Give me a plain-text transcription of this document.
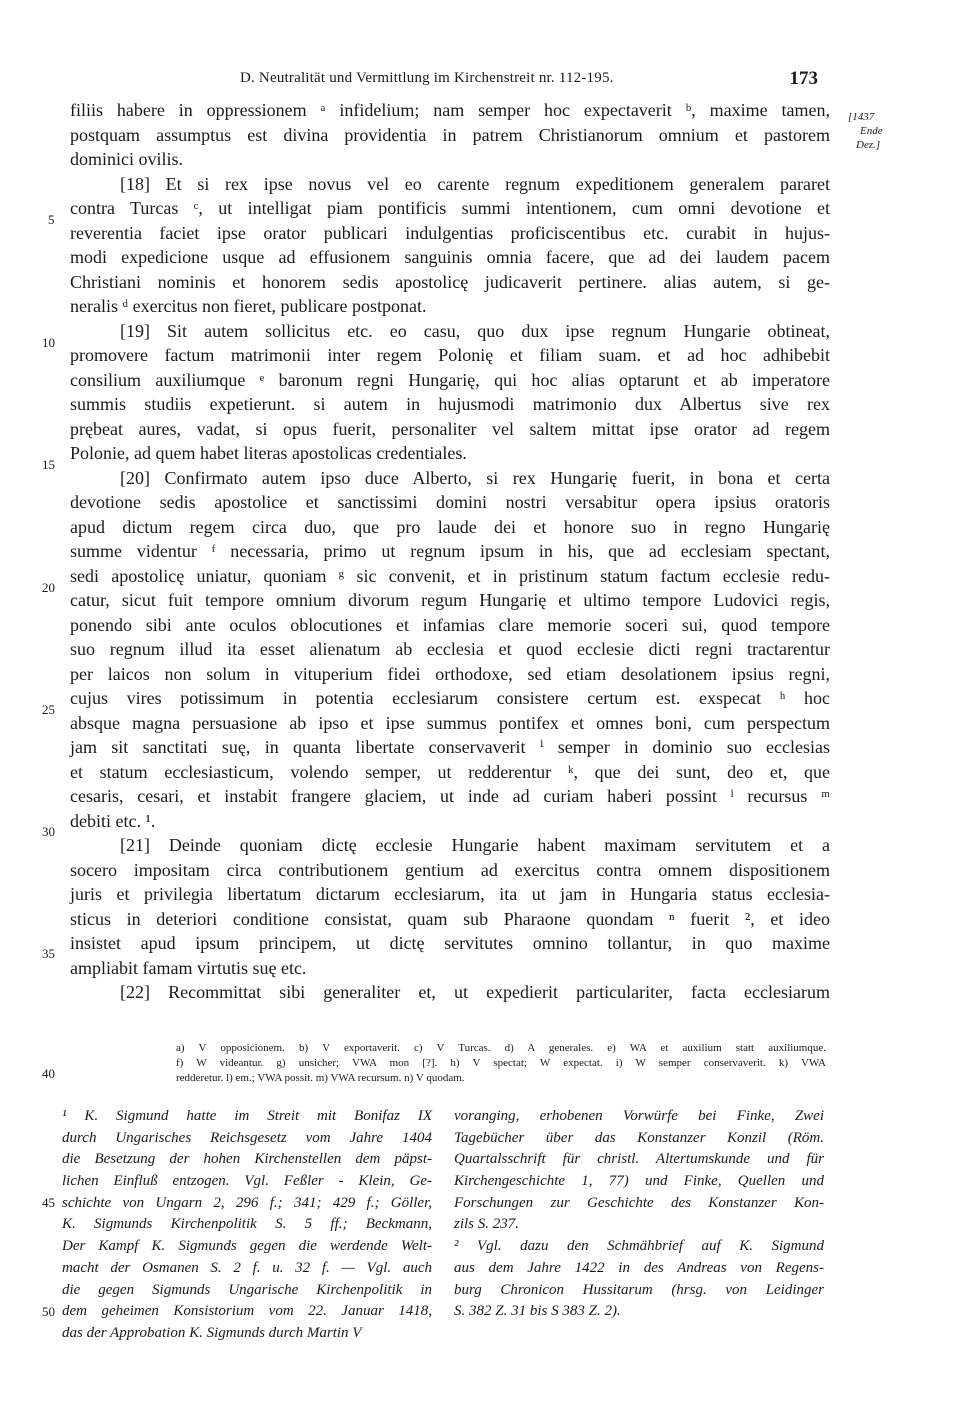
D. Neutralität und Vermittlung im Kirchenstreit nr. 112-195.	173
[1437
Ende
Dez.]
filiis habere in oppressionem ᵃ infidelium; nam semper hoc expectaverit ᵇ, maxime tamen,
postquam assumptus est divina providentia in patrem Christianorum omnium et pastorem
dominici ovilis.
[18] Et si rex ipse novus vel eo carente regnum expeditionem generalem pararet
contra Turcas ᶜ, ut intelligat piam pontificis summi intentionem, cum omni devotione et
reverentia faciet ipse orator publicari indulgentias proficiscentibus etc. curabit in hujus-
modi expedicione usque ad effusionem sanguinis omnia facere, que ad dei laudem pacem
Christiani nominis et honorem sedis apostolicę judicaverit pertinere. alias autem, si ge-
neralis ᵈ exercitus non fieret, publicare postponat.
[19] Sit autem sollicitus etc. eo casu, quo dux ipse regnum Hungarie obtineat,
promovere factum matrimonii inter regem Polonię et filiam suam. et ad hoc adhibebit
consilium auxiliumque ᵉ baronum regni Hungarię, qui hoc alias optarunt et ab imperatore
summis studiis expetierunt. si autem in hujusmodi matrimonio dux Albertus sive rex
prębeat aures, vadat, si opus fuerit, personaliter vel saltem mittat ipse orator ad regem
Polonie, ad quem habet literas apostolicas credentiales.
[20] Confirmato autem ipso duce Alberto, si rex Hungarię fuerit, in bona et certa
devotione sedis apostolice et sanctissimi domini nostri versabitur opera ipsius oratoris
apud dictum regem circa duo, que pro laude dei et honore suo in regno Hungarię
summe videntur ᶠ necessaria, primo ut regnum ipsum in his, que ad ecclesiam spectant,
sedi apostolicę uniatur, quoniam ᵍ sic convenit, et in pristinum statum factum ecclesie redu-
catur, sicut fuit tempore omnium divorum regum Hungarię et ultimo tempore Ludovici regis,
ponendo sibi ante oculos oblocutiones et infamias clare memorie soceri sui, quod tempore
suo regnum illud ita esset alienatum ab ecclesia et quod ecclesie dicti regni tractarentur
per laicos non solum in vituperium fidei orthodoxe, sed etiam desolationem ipsius regni,
cujus vires potissimum in potentia ecclesiarum consistere certum est. exspecat ʰ hoc
absque magna persuasione ab ipso et ipse summus pontifex et omnes boni, cum perspectum
jam sit sanctitati suę, in quanta libertate conservaverit ⁱ semper in dominio suo ecclesias
et statum ecclesiasticum, volendo semper, ut redderentur ᵏ, que dei sunt, deo et, que
cesaris, cesari, et instabit frangere glaciem, ut inde ad curiam haberi possint ˡ recursus ᵐ
debiti etc. ¹.
[21] Deinde quoniam dictę ecclesie Hungarie habent maximam servitutem et a
socero impositam circa contributionem gentium ad exercitus contra omnem dispositionem
juris et privilegia libertatum dictarum ecclesiarum, ita ut jam in Hungaria status ecclesia-
sticus in deteriori conditione consistat, quam sub Pharaone quondam ⁿ fuerit ², et ideo
insistet apud ipsum principem, ut dictę servitutes omnino tollantur, in quo maxime
ampliabit famam virtutis suę etc.
[22] Recommittat sibi generaliter et, ut expedierit particulariter, facta ecclesiarum
5
10
15
20
25
30
35
40
45
50
a) V opposicionem. b) V exportaverit. c) V Turcas. d) A generales. e) WA et auxilium statt auxiliumque.
f) W videantur. g) unsicher; VWA mon [?]. h) V spectat; W expectat. i) W semper conservaverit. k) VWA
redderetur. l) em.; VWA possit. m) VWA recursum. n) V quodam.
¹ K. Sigmund hatte im Streit mit Bonifaz IX
durch Ungarisches Reichsgesetz vom Jahre 1404
die Besetzung der hohen Kirchenstellen dem päpst-
lichen Einfluß entzogen. Vgl. Feßler - Klein, Ge-
schichte von Ungarn 2, 296 f.; 341; 429 f.; Göller,
K. Sigmunds Kirchenpolitik S. 5 ff.; Beckmann,
Der Kampf K. Sigmunds gegen die werdende Welt-
macht der Osmanen S. 2 f. u. 32 f. — Vgl. auch
die gegen Sigmunds Ungarische Kirchenpolitik in
dem geheimen Konsistorium vom 22. Januar 1418,
das der Approbation K. Sigmunds durch Martin V
voranging, erhobenen Vorwürfe bei Finke, Zwei
Tagebücher über das Konstanzer Konzil (Röm.
Quartalsschrift für christl. Altertumskunde und für
Kirchengeschichte 1, 77) und Finke, Quellen und
Forschungen zur Geschichte des Konstanzer Kon-
zils S. 237.
² Vgl. dazu den Schmähbrief auf K. Sigmund
aus dem Jahre 1422 in des Andreas von Regens-
burg Chronicon Hussitarum (hrsg. von Leidinger
S. 382 Z. 31 bis S 383 Z. 2).
